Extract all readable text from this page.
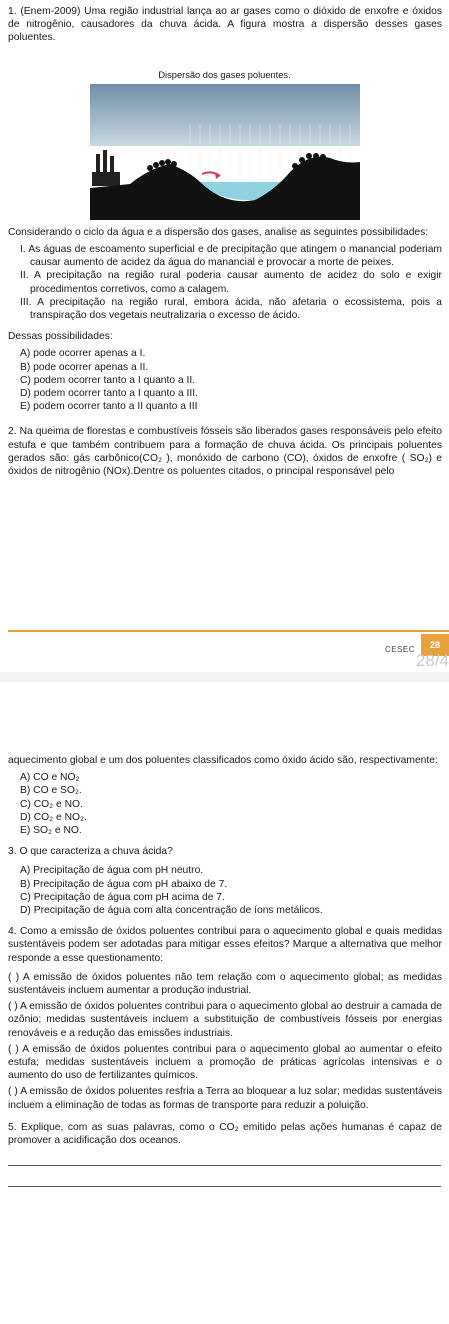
1. (Enem-2009) Uma região industrial lança ao ar gases como o dióxido de enxofre e óxidos de nitrogênio, causadores da chuva ácida. A figura mostra a dispersão desses gases poluentes.

Dispersão dos gases poluentes.

Considerando o ciclo da água e a dispersão dos gases, analise as seguintes possibilidades:

I. As águas de escoamento superficial e de precipitação que atingem o manancial poderiam causar aumento de acidez da água do manancial e provocar a morte de peixes.

II. A precipitação na região rural poderia causar aumento de acidez do solo e exigir procedimentos corretivos, como a calagem.

III. A precipitação na região rural, embora ácida, não afetaria o ecossistema, pois a transpiração dos vegetais neutralizaria o excesso de ácido.

Dessas possibilidades:

A) pode ocorrer apenas a I.

B) pode ocorrer apenas a II.

C) podem ocorrer tanto a I quanto a II.

D) podem ocorrer tanto a I quanto a III.

E) podem ocorrer tanto a II quanto a III

2. Na queima de florestas e combustíveis fósseis são liberados gases responsáveis pelo efeito estufa e que também contribuem para a formação de chuva ácida. Os principais poluentes gerados são: gás carbônico(CO₂ ), monóxido de carbono (CO), óxidos de enxofre ( SO₂) e óxidos de nitrogênio (NOx).Dentre os poluentes citados, o principal responsável pelo

CESEC	28
28/4

aquecimento global e um dos poluentes classificados como óxido ácido são, respectivamente:

A) CO e NO₂

B) CO e SO₂.

C) CO₂ e NO.

D) CO₂ e NO₂.

E) SO₂ e NO.

3. O que caracteriza a chuva ácida?

A) Precipitação de água com pH neutro.

B) Precipitação de água com pH abaixo de 7.

C) Precipitação de água com pH acima de 7.

D) Precipitação de água com alta concentração de íons metálicos.

4. Como a emissão de óxidos poluentes contribui para o aquecimento global e quais medidas sustentáveis podem ser adotadas para mitigar esses efeitos? Marque a alternativa que melhor responde a esse questionamento:

( ) A emissão de óxidos poluentes não tem relação com o aquecimento global; as medidas sustentáveis incluem aumentar a produção industrial.

( ) A emissão de óxidos poluentes contribui para o aquecimento global ao destruir a camada de ozônio; medidas sustentáveis incluem a substituição de combustíveis fósseis por energias renováveis e a redução das emissões industriais.

( ) A emissão de óxidos poluentes contribui para o aquecimento global ao aumentar o efeito estufa; medidas sustentáveis incluem a promoção de práticas agrícolas intensivas e o aumento do uso de fertilizantes químicos.

( ) A emissão de óxidos poluentes resfria a Terra ao bloquear a luz solar; medidas sustentáveis incluem a eliminação de todas as formas de transporte para reduzir a poluição.

5. Explique, com as suas palavras, como o CO₂ emitido pelas ações humanas é capaz de promover a acidificação dos oceanos.
